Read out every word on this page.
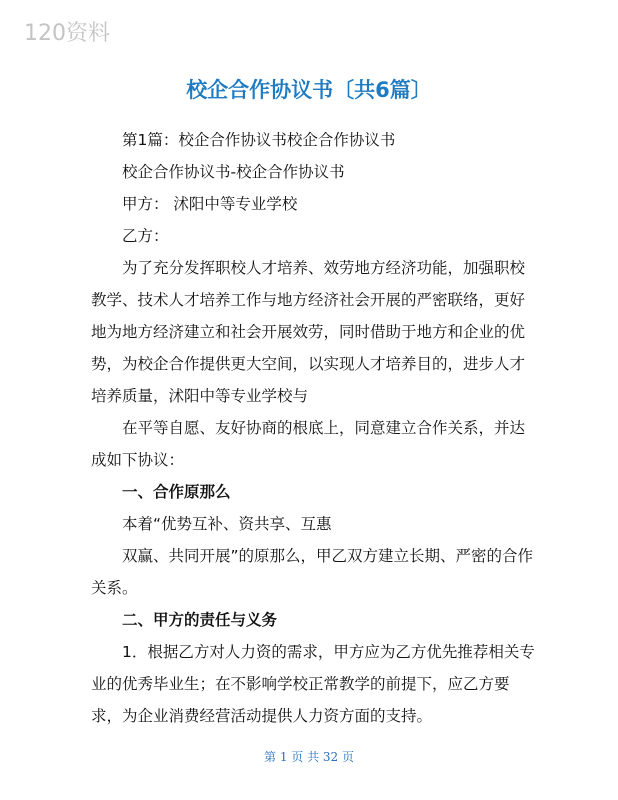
120资料
校企合作协议书〔共6篇〕

第1篇：校企合作协议书校企合作协议书

校企合作协议书-校企合作协议书

甲方： 沭阳中等专业学校

乙方：

为了充分发挥职校人才培养、效劳地方经济功能，加强职校教学、技术人才培养工作与地方经济社会开展的严密联络，更好地为地方经济建立和社会开展效劳，同时借助于地方和企业的优势，为校企合作提供更大空间，以实现人才培养目的，进步人才培养质量，沭阳中等专业学校与

在平等自愿、友好协商的根底上，同意建立合作关系，并达成如下协议：

一、合作原那么

本着“优势互补、资共享、互惠

双赢、共同开展”的原那么，甲乙双方建立长期、严密的合作关系。

二、甲方的责任与义务

1．根据乙方对人力资的需求，甲方应为乙方优先推荐相关专业的优秀毕业生；在不影响学校正常教学的前提下，应乙方要求，为企业消费经营活动提供人力资方面的支持。

第 1 页 共 32 页
